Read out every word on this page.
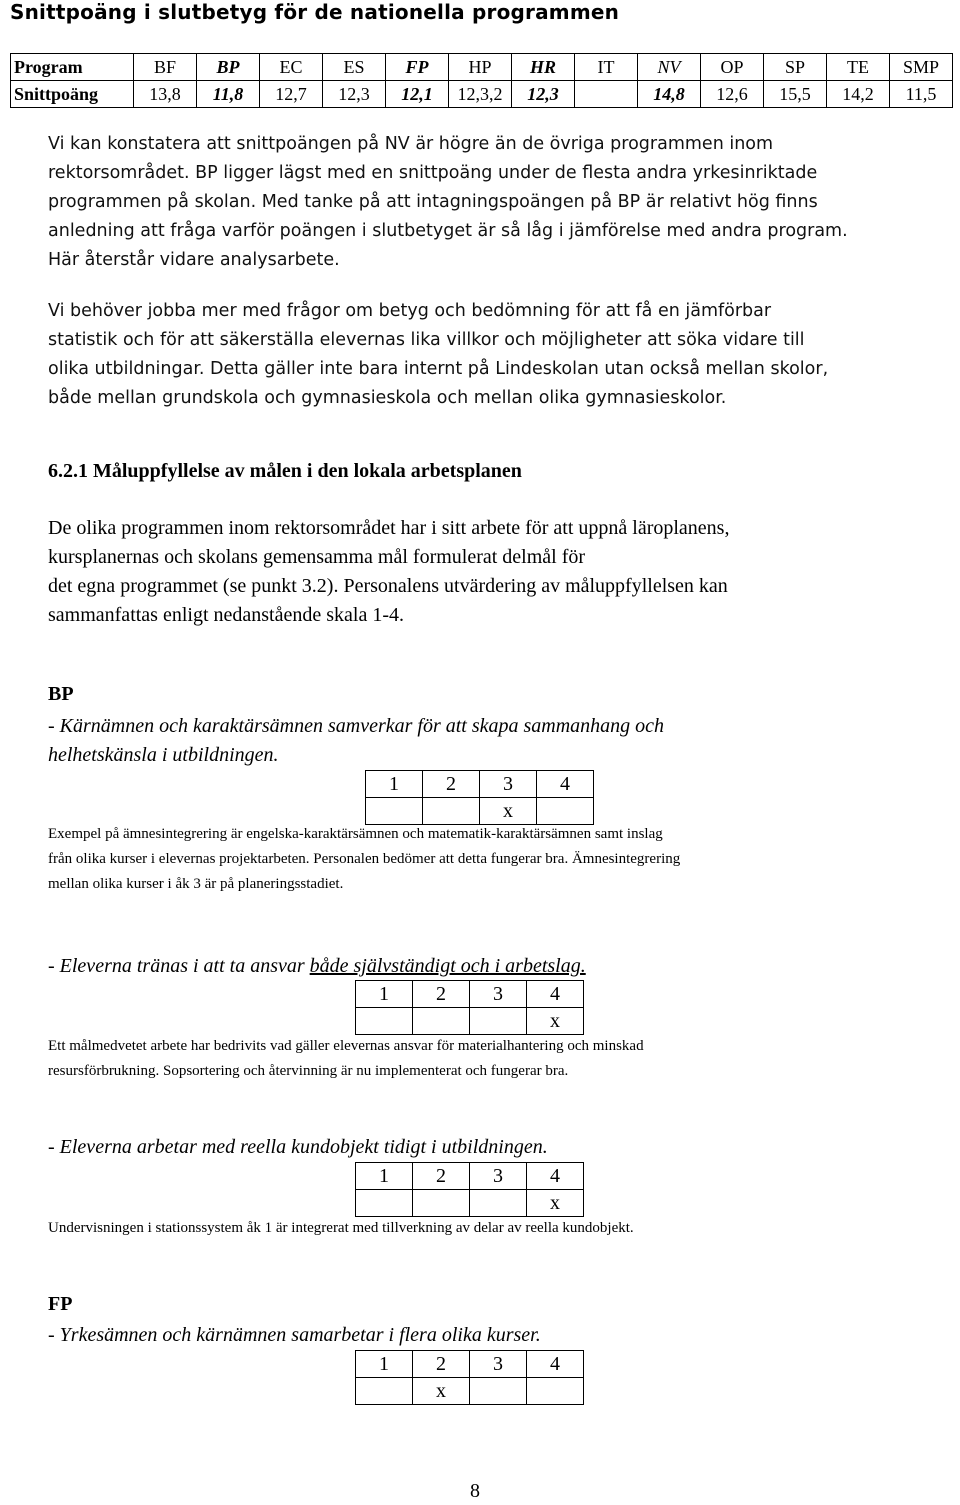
Snittpoäng i slutbetyg för de nationella programmen
Program	BF	BP	EC	ES	FP	HP	HR	IT	NV	OP	SP	TE	SMP
Snittpoäng	13,8	11,8	12,7	12,3	12,1	12,3,2	12,3		14,8	12,6	15,5	14,2	11,5
Vi kan konstatera att snittpoängen på NV är högre än de övriga programmen inom
rektorsområdet. BP ligger lägst med en snittpoäng under de flesta andra yrkesinriktade
programmen på skolan. Med tanke på att intagningspoängen på BP är relativt hög finns
anledning att fråga varför poängen i slutbetyget är så låg i jämförelse med andra program.
Här återstår vidare analysarbete.
Vi behöver jobba mer med frågor om betyg och bedömning för att få en jämförbar
statistik och för att säkerställa elevernas lika villkor och möjligheter att söka vidare till
olika utbildningar. Detta gäller inte bara internt på Lindeskolan utan också mellan skolor,
både mellan grundskola och gymnasieskola och mellan olika gymnasieskolor.
6.2.1 Måluppfyllelse av målen i den lokala arbetsplanen
De olika programmen inom rektorsområdet har i sitt arbete för att uppnå läroplanens,
kursplanernas och skolans gemensamma mål formulerat delmål för
det egna programmet (se punkt 3.2). Personalens utvärdering av måluppfyllelsen kan
sammanfattas enligt nedanstående skala 1-4.
BP
- Kärnämnen och karaktärsämnen samverkar för att skapa sammanhang och
helhetskänsla i utbildningen.
1	2	3	4
		x	
Exempel på ämnesintegrering är engelska-karaktärsämnen och matematik-karaktärsämnen samt inslag
från olika kurser i elevernas projektarbeten. Personalen bedömer att detta fungerar bra. Ämnesintegrering
mellan olika kurser i åk 3 är på planeringsstadiet.
- Eleverna tränas i att ta ansvar både självständigt och i arbetslag.
1	2	3	4
			x
Ett målmedvetet arbete har bedrivits vad gäller elevernas ansvar för materialhantering och minskad
resursförbrukning. Sopsortering och återvinning är nu implementerat och fungerar bra.
- Eleverna arbetar med reella kundobjekt tidigt i utbildningen.
1	2	3	4
			x
Undervisningen i stationssystem åk 1 är integrerat med tillverkning av delar av reella kundobjekt.
FP
- Yrkesämnen och kärnämnen samarbetar i flera olika kurser.
1	2	3	4
	x		
8
